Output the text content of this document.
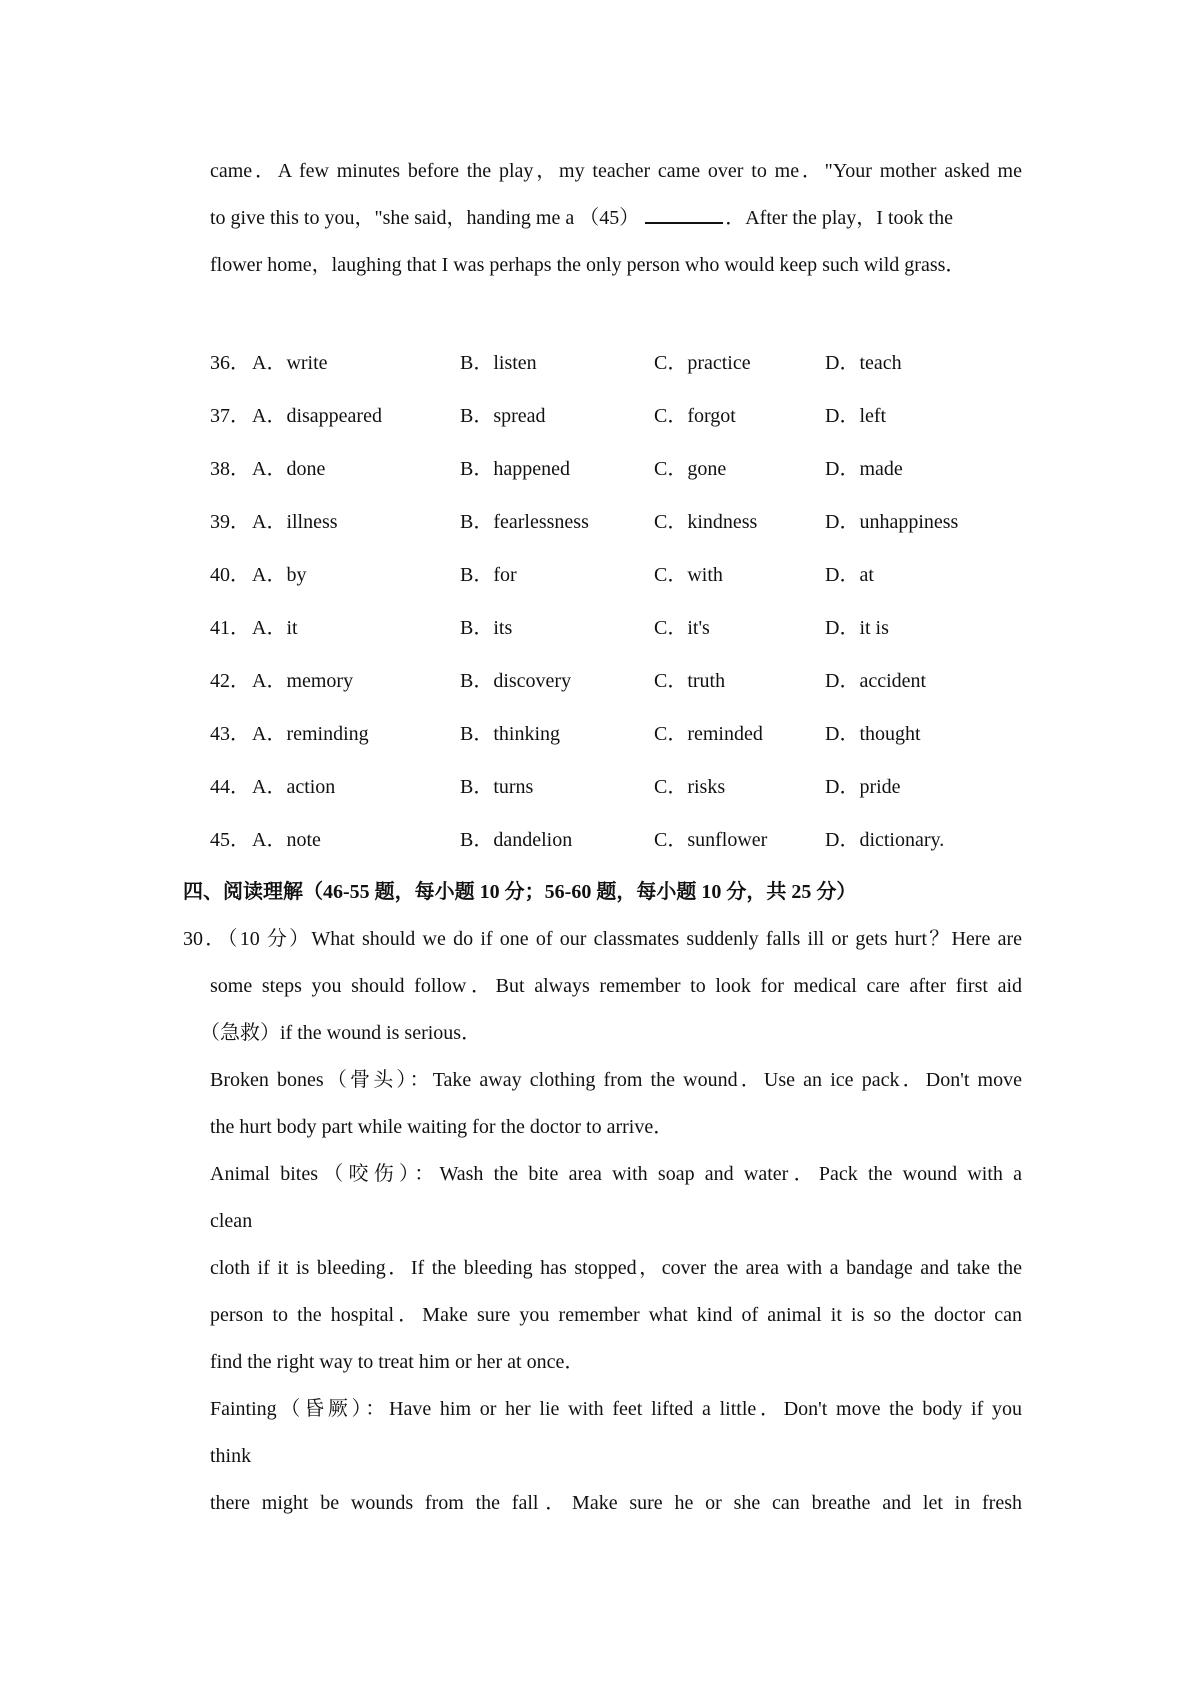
came．A few minutes before the play，my teacher came over to me．"Your mother asked me
to give this to you，"she said，handing me a （45）	．After the play，I took the
flower home，laughing that I was perhaps the only person who would keep such wild grass．
36． A．write	B．listen	C．practice	D．teach
37． A．disappeared	B．spread	C．forgot	D．left
38． A．done	B．happened	C．gone	D．made
39． A．illness	B．fearlessness	C．kindness	D．unhappiness
40． A．by	B．for	C．with	D．at
41． A．it	B．its	C．it's	D．it is
42． A．memory	B．discovery	C．truth	D．accident
43． A．reminding	B．thinking	C．reminded	D．thought
44． A．action	B．turns	C．risks	D．pride
45． A．note	B．dandelion	C．sunflower	D．dictionary.
四、阅读理解（46-55 题，每小题 10 分；56-60 题，每小题 10 分，共 25 分）
30．（10 分）What should we do if one of our classmates suddenly falls ill or gets hurt？Here are
some steps you should follow．But always remember to look for medical care after first aid
（急救）if the wound is serious．
Broken bones（骨头）：Take away clothing from the wound．Use an ice pack．Don't move
the hurt body part while waiting for the doctor to arrive．
Animal bites（咬伤）：Wash the bite area with soap and water．Pack the wound with a
clean
cloth if it is bleeding．If the bleeding has stopped，cover the area with a bandage and take the
person to the hospital．Make sure you remember what kind of animal it is so the doctor can
find the right way to treat him or her at once．
Fainting（昏厥）：Have him or her lie with feet lifted a little．Don't move the body if you
think
there might be wounds from the fall．Make sure he or she can breathe and let in fresh
